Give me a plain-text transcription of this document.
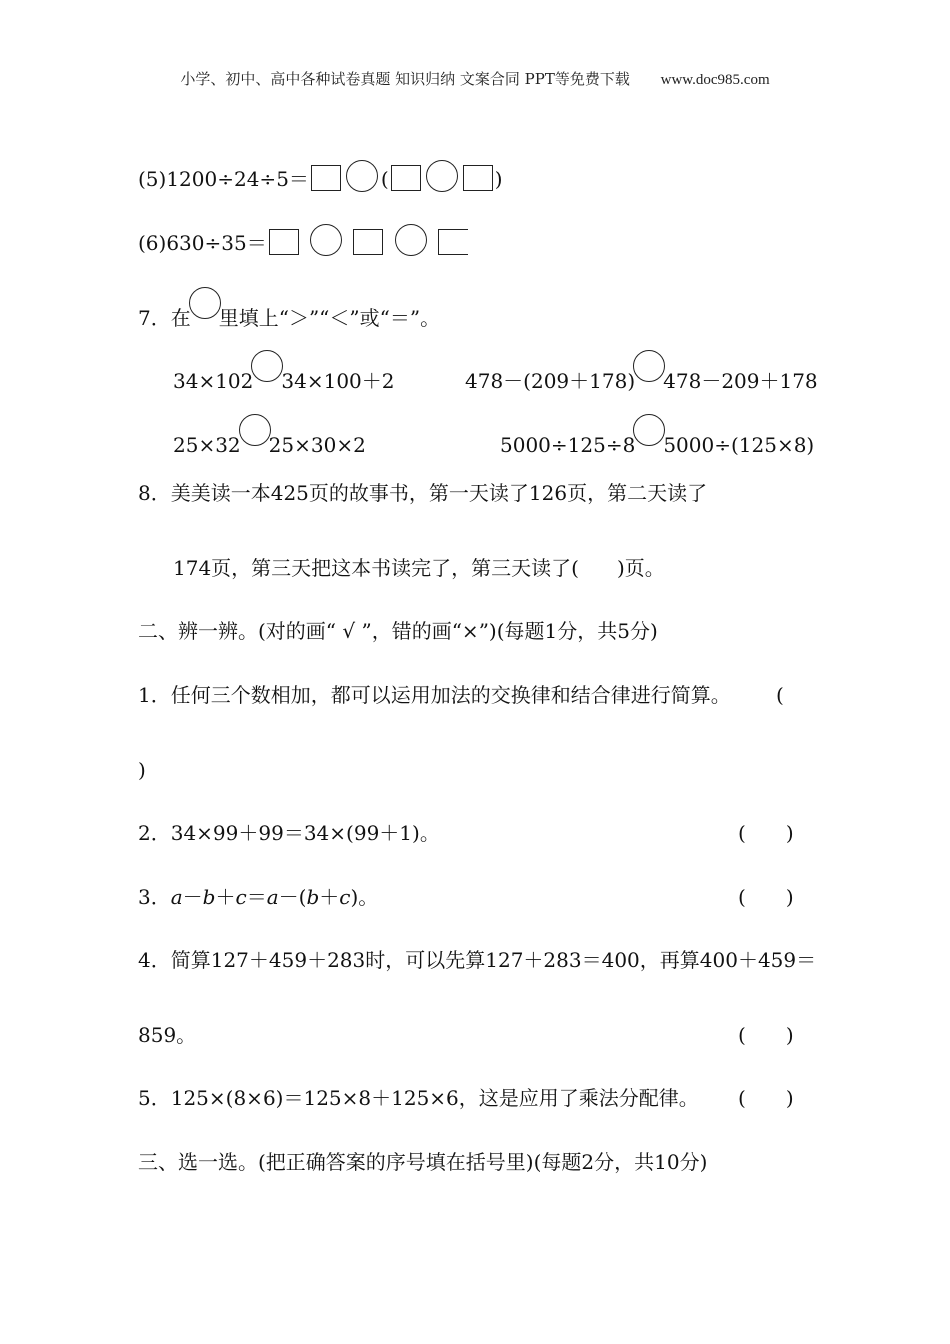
小学、初中、高中各种试卷真题 知识归纳 文案合同 PPT等免费下载 www.doc985.com
(5)1200÷24÷5＝	(	)
(6)630÷35＝
7．在 里填上“＞”“＜”或“＝”。
34×102 34×100＋2	478－(209＋178) 478－209＋178
25×32 25×30×2	5000÷125÷8 5000÷(125×8)
8．美美读一本425页的故事书，第一天读了126页，第二天读了
174页，第三天把这本书读完了，第三天读了( )页。
二、辨一辨。(对的画“ √ ”，错的画“×”)(每题1分，共5分)
1．任何三个数相加，都可以运用加法的交换律和结合律进行简算。 (
)
2．34×99＋99＝34×(99＋1)。	( )
3．a－b＋c＝a－(b＋c)。	( )
4．简算127＋459＋283时，可以先算127＋283＝400，再算400＋459＝
859。	( )
5．125×(8×6)＝125×8＋125×6，这是应用了乘法分配律。 ( )
三、选一选。(把正确答案的序号填在括号里)(每题2分，共10分)
